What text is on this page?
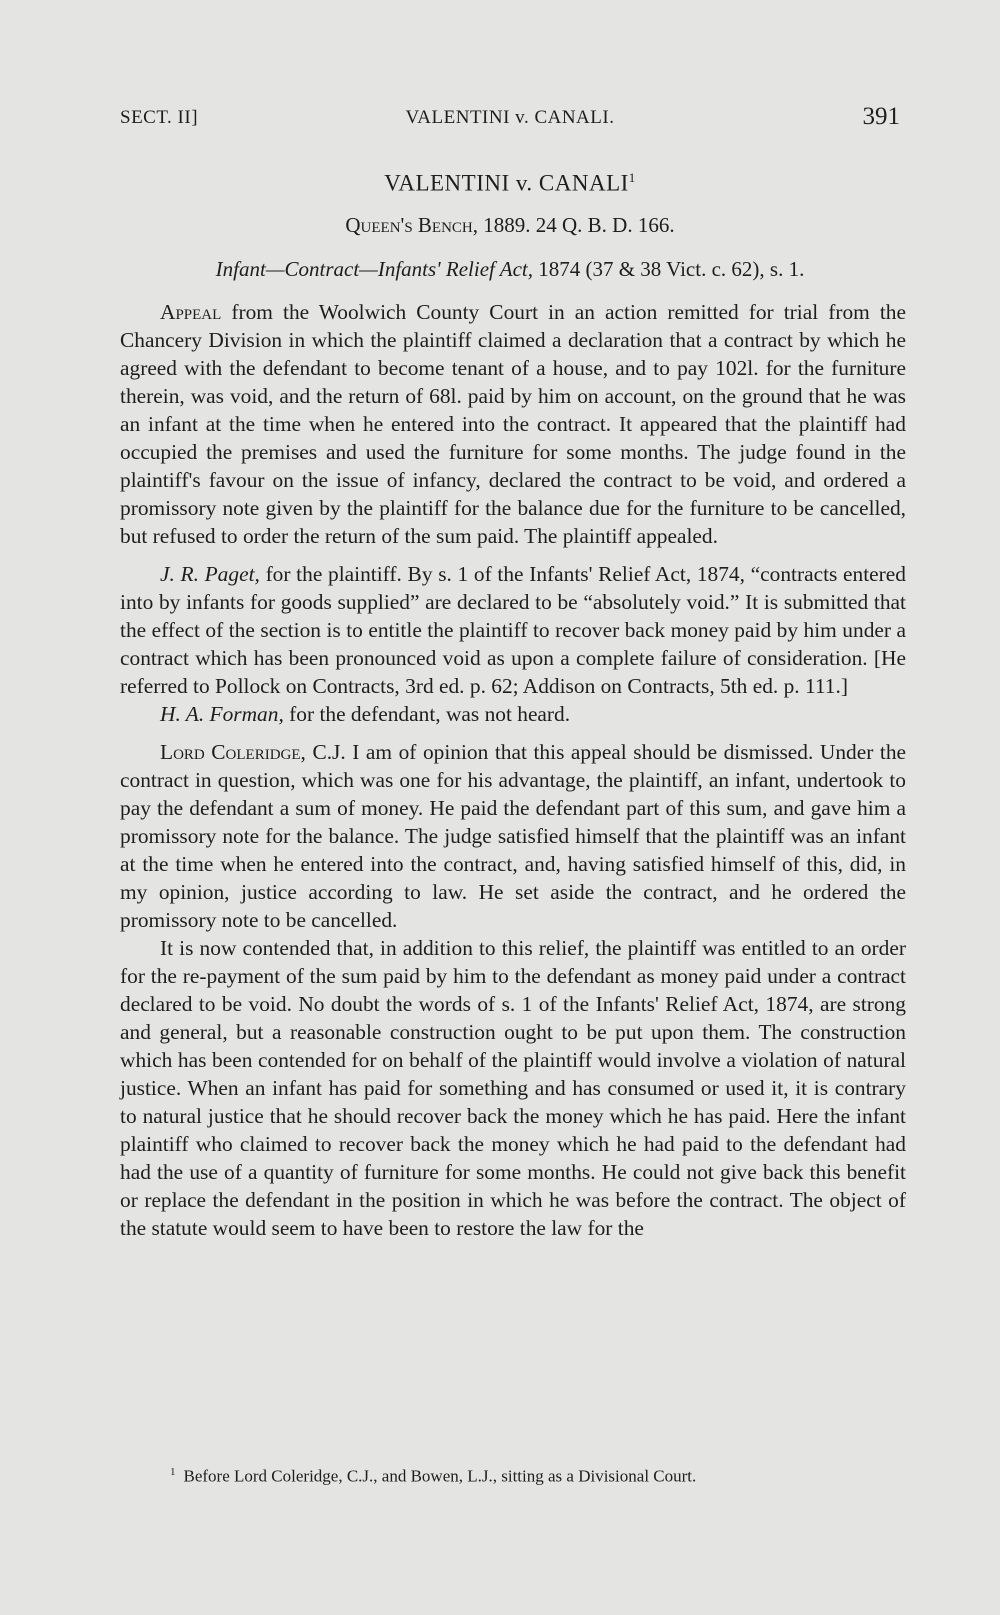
SECT. II]	VALENTINI v. CANALI.	391
VALENTINI v. CANALI$^1$
Queen's Bench, 1889. 24 Q. B. D. 166.
Infant—Contract—Infants' Relief Act, 1874 (37 & 38 Vict. c. 62), s. 1.

Appeal from the Woolwich County Court in an action remitted for trial from the Chancery Division in which the plaintiff claimed a declaration that a contract by which he agreed with the defendant to become tenant of a house, and to pay 102l. for the furniture therein, was void, and the return of 68l. paid by him on account, on the ground that he was an infant at the time when he entered into the contract. It appeared that the plaintiff had occupied the premises and used the furniture for some months. The judge found in the plaintiff's favour on the issue of infancy, declared the contract to be void, and ordered a promissory note given by the plaintiff for the balance due for the furniture to be cancelled, but refused to order the return of the sum paid. The plaintiff appealed.

J. R. Paget, for the plaintiff. By s. 1 of the Infants' Relief Act, 1874, “contracts entered into by infants for goods supplied” are declared to be “absolutely void.” It is submitted that the effect of the section is to entitle the plaintiff to recover back money paid by him under a contract which has been pronounced void as upon a complete failure of consideration. [He referred to Pollock on Contracts, 3rd ed. p. 62; Addison on Contracts, 5th ed. p. 111.]

H. A. Forman, for the defendant, was not heard.

Lord Coleridge, C.J. I am of opinion that this appeal should be dismissed. Under the contract in question, which was one for his advantage, the plaintiff, an infant, undertook to pay the defendant a sum of money. He paid the defendant part of this sum, and gave him a promissory note for the balance. The judge satisfied himself that the plaintiff was an infant at the time when he entered into the contract, and, having satisfied himself of this, did, in my opinion, justice according to law. He set aside the contract, and he ordered the promissory note to be cancelled.

It is now contended that, in addition to this relief, the plaintiff was entitled to an order for the re-payment of the sum paid by him to the defendant as money paid under a contract declared to be void. No doubt the words of s. 1 of the Infants' Relief Act, 1874, are strong and general, but a reasonable construction ought to be put upon them. The construction which has been contended for on behalf of the plaintiff would involve a violation of natural justice. When an infant has paid for something and has consumed or used it, it is contrary to natural justice that he should recover back the money which he has paid. Here the infant plaintiff who claimed to recover back the money which he had paid to the defendant had had the use of a quantity of furniture for some months. He could not give back this benefit or replace the defendant in the position in which he was before the contract. The object of the statute would seem to have been to restore the law for the

$^1$ Before Lord Coleridge, C.J., and Bowen, L.J., sitting as a Divisional Court.
